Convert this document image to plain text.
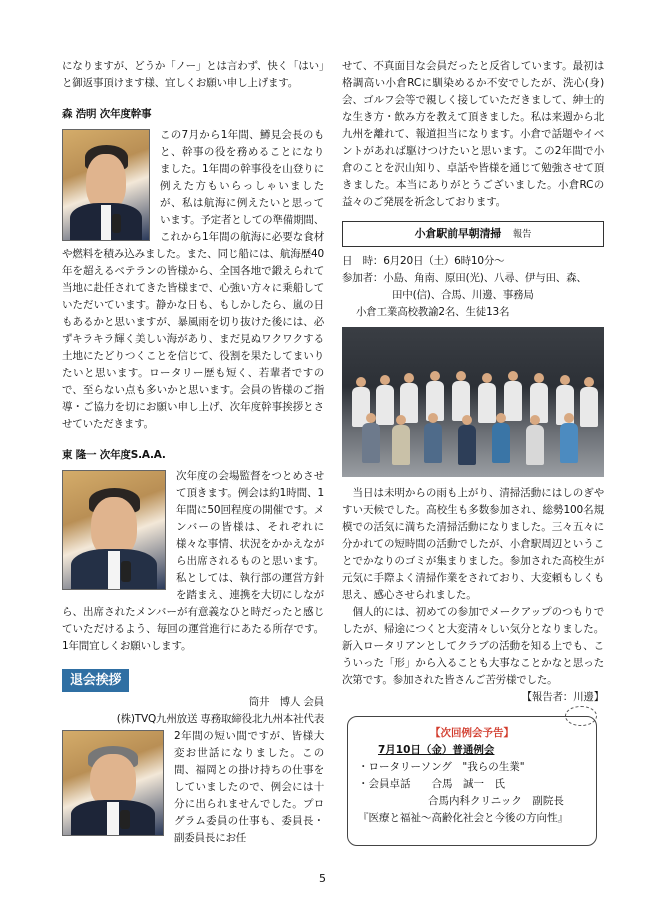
になりますが、どうか「ノー」とは言わず、快く「はい」と御返事頂けます様、宜しくお願い申し上げます。

森 浩明 次年度幹事

この7月から1年間、鱒見会長のもと、幹事の役を務めることになりました。1年間の幹事役を山登りに例えた方もいらっしゃいましたが、私は航海に例えたいと思っています。予定者としての準備期間、これから1年間の航海に必要な食材や燃料を積み込みました。また、同じ船には、航海歴40年を超えるベテランの皆様から、全国各地で鍛えられて当地に赴任されてきた皆様まで、心強い方々に乗船していただいています。静かな日も、もしかしたら、嵐の日もあるかと思いますが、暴風雨を切り抜けた後には、必ずキラキラ輝く美しい海があり、まだ見ぬワクワクする土地にたどりつくことを信じて、役割を果たしてまいりたいと思います。ロータリー歴も短く、若輩者ですので、至らない点も多いかと思います。会員の皆様のご指導・ご協力を切にお願い申し上げ、次年度幹事挨拶とさせていただきます。

東 隆一 次年度S.A.A.

次年度の会場監督をつとめさせて頂きます。例会は約1時間、1年間に50回程度の開催です。メンバーの皆様は、それぞれに様々な事情、状況をかかえながら出席されるものと思います。私としては、執行部の運営方針を踏まえ、連携を大切にしながら、出席されたメンバーが有意義なひと時だったと感じていただけるよう、毎回の運営進行にあたる所存です。1年間宜しくお願いします。

退会挨拶

筒井　博人 会員

(株)TVQ九州放送 専務取締役北九州本社代表

2年間の短い間ですが、皆様大変お世話になりました。この間、福岡との掛け持ちの仕事をしていましたので、例会には十分に出られませんでした。プログラム委員の仕事も、委員長・副委員長にお任

せて、不真面目な会員だったと反省しています。最初は格調高い小倉RCに馴染めるか不安でしたが、洗心(身)会、ゴルフ会等で親しく接していただきまして、紳士的な生き方・飲み方を教えて頂きました。私は来週から北九州を離れて、報道担当になります。小倉で話題やイベントがあれば駆けつけたいと思います。この2年間で小倉のことを沢山知り、卓話や皆様を通じて勉強させて頂きました。本当にありがとうございました。小倉RCの益々のご発展を祈念しております。

小倉駅前早朝清掃 報告

日　時：6月20日（土）6時10分～

参加者：小島、角南、原田(光)、八尋、伊与田、森、

田中(信)、合馬、川邊、事務局

小倉工業高校教諭2名、生徒13名

当日は未明からの雨も上がり、清掃活動にはしのぎやすい天候でした。高校生も多数参加され、総勢100名規模での活気に満ちた清掃活動になりました。三々五々に分かれての短時間の活動でしたが、小倉駅周辺ということでかなりのゴミが集まりました。参加された高校生が元気に手際よく清掃作業をされており、大変頼もしくも思え、感心させられました。

個人的には、初めての参加でメークアップのつもりでしたが、帰途につくと大変清々しい気分となりました。新入ロータリアンとしてクラブの活動を知る上でも、こういった「形」から入ることも大事なことかなと思った次第です。参加された皆さんご苦労様でした。

【報告者：川邊】

【次回例会予告】
7月10日（金）普通例会
・ロータリーソング　"我らの生業"
・会員卓話　　合馬　誠一　氏
合馬内科クリニック　副院長
『医療と福祉～高齢化社会と今後の方向性』
5
